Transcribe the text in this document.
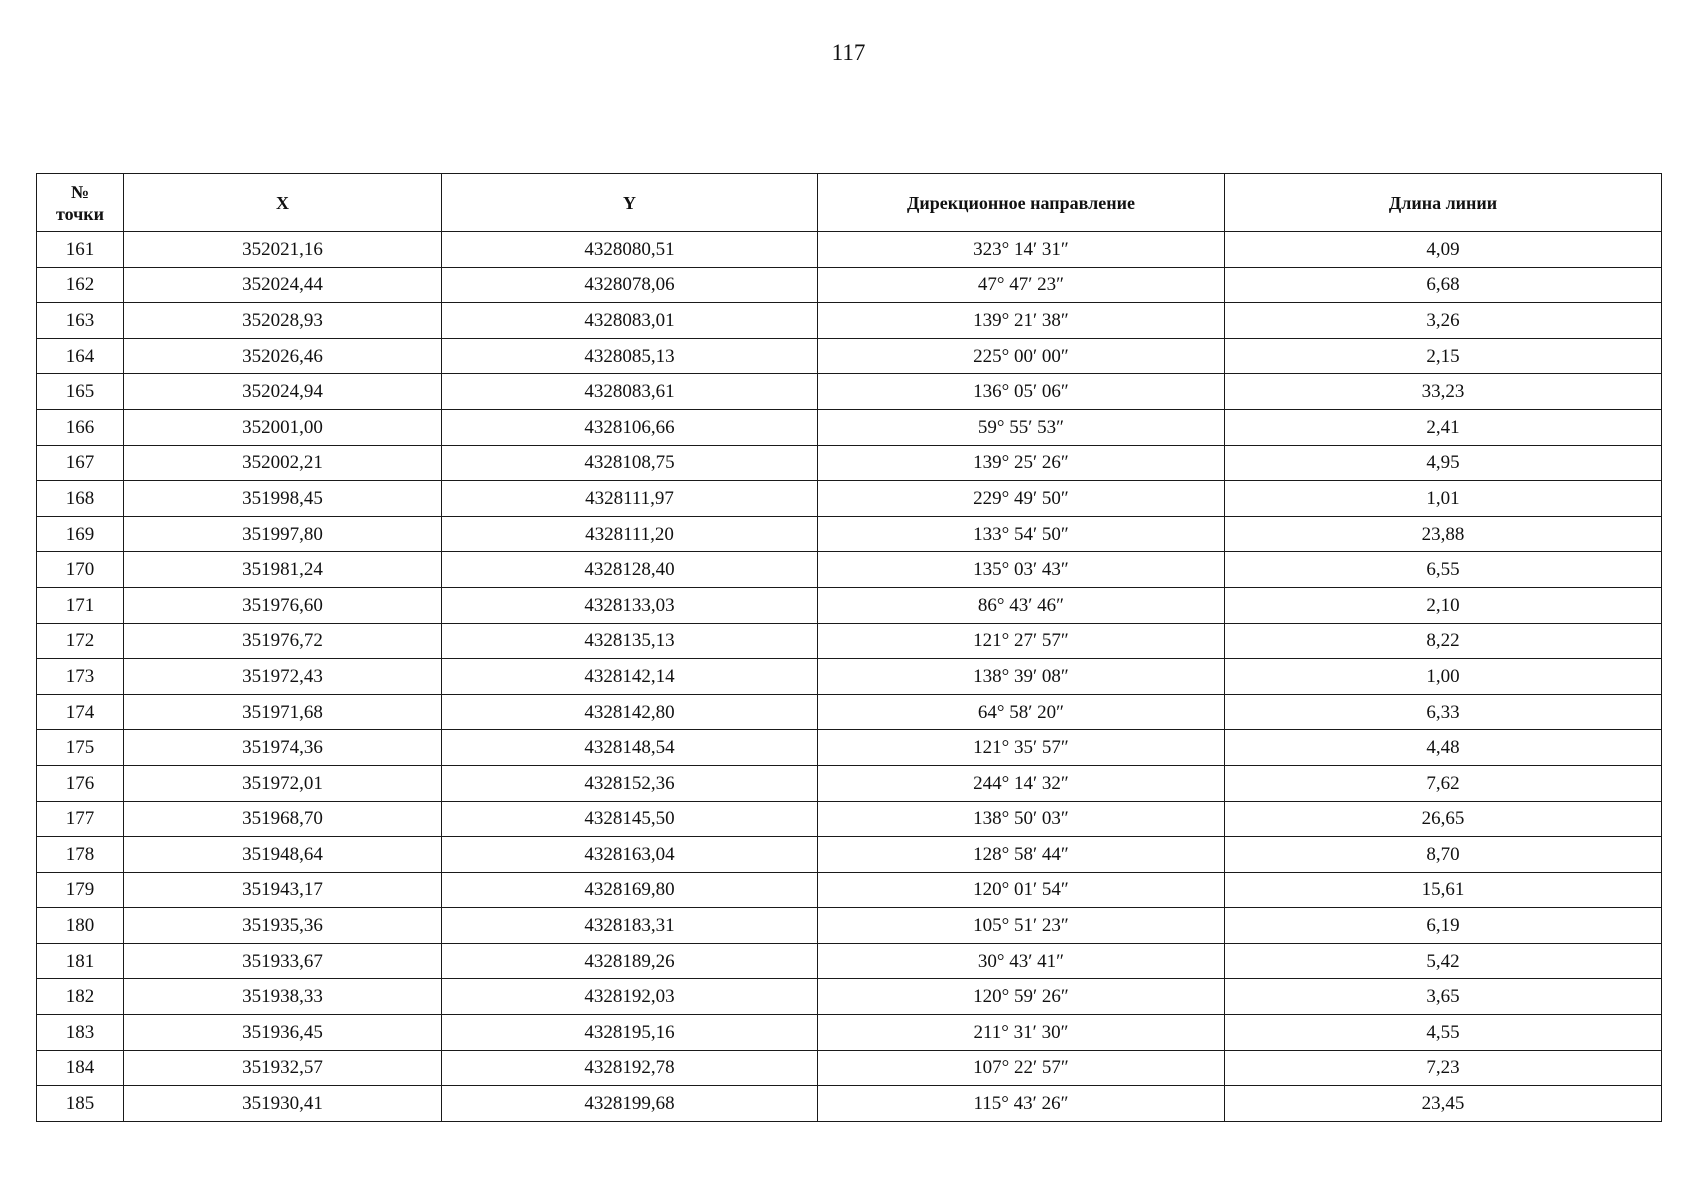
117
№
точки	X	Y	Дирекционное направление	Длина линии
161	352021,16	4328080,51	323° 14′ 31″	4,09
162	352024,44	4328078,06	47° 47′ 23″	6,68
163	352028,93	4328083,01	139° 21′ 38″	3,26
164	352026,46	4328085,13	225° 00′ 00″	2,15
165	352024,94	4328083,61	136° 05′ 06″	33,23
166	352001,00	4328106,66	59° 55′ 53″	2,41
167	352002,21	4328108,75	139° 25′ 26″	4,95
168	351998,45	4328111,97	229° 49′ 50″	1,01
169	351997,80	4328111,20	133° 54′ 50″	23,88
170	351981,24	4328128,40	135° 03′ 43″	6,55
171	351976,60	4328133,03	86° 43′ 46″	2,10
172	351976,72	4328135,13	121° 27′ 57″	8,22
173	351972,43	4328142,14	138° 39′ 08″	1,00
174	351971,68	4328142,80	64° 58′ 20″	6,33
175	351974,36	4328148,54	121° 35′ 57″	4,48
176	351972,01	4328152,36	244° 14′ 32″	7,62
177	351968,70	4328145,50	138° 50′ 03″	26,65
178	351948,64	4328163,04	128° 58′ 44″	8,70
179	351943,17	4328169,80	120° 01′ 54″	15,61
180	351935,36	4328183,31	105° 51′ 23″	6,19
181	351933,67	4328189,26	30° 43′ 41″	5,42
182	351938,33	4328192,03	120° 59′ 26″	3,65
183	351936,45	4328195,16	211° 31′ 30″	4,55
184	351932,57	4328192,78	107° 22′ 57″	7,23
185	351930,41	4328199,68	115° 43′ 26″	23,45
